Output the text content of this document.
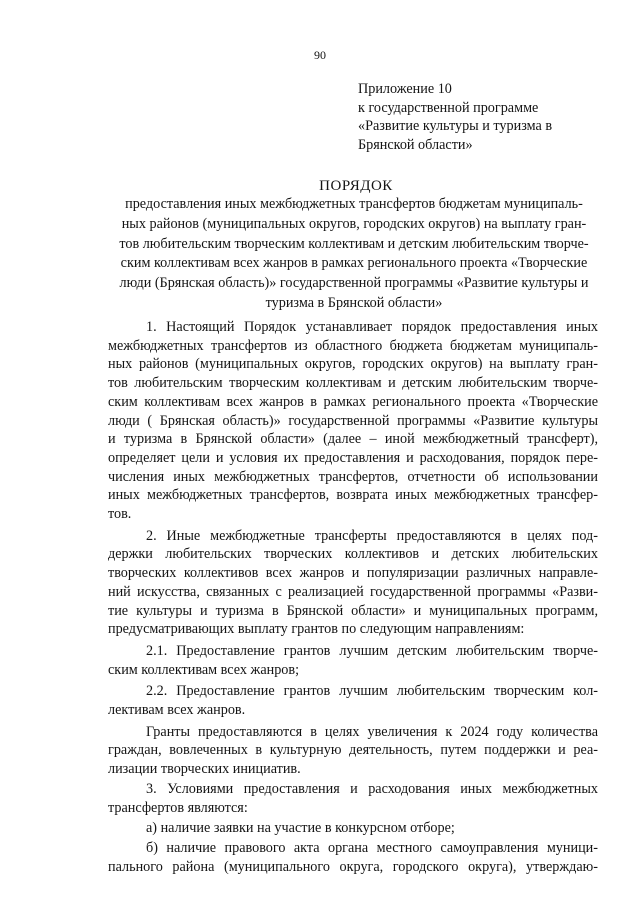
90
Приложение 10
к государственной программе
«Развитие культуры и туризма в
Брянской области»
ПОРЯДОК
предоставления иных межбюджетных трансфертов бюджетам муниципаль-
ных районов (муниципальных округов, городских округов) на выплату гран-
тов любительским творческим коллективам и детским любительским творче-
ским коллективам всех жанров в рамках регионального проекта «Творческие
люди (Брянская область)» государственной программы «Развитие культуры и
туризма в Брянской области»
1. Настоящий Порядок устанавливает порядок предоставления иных
межбюджетных трансфертов из областного бюджета бюджетам муниципаль-
ных районов (муниципальных округов, городских округов) на выплату гран-
тов любительским творческим коллективам и детским любительским творче-
ским коллективам всех жанров в рамках регионального проекта «Творческие
люди ( Брянская область)» государственной программы «Развитие культуры
и туризма в Брянской области» (далее – иной межбюджетный трансферт),
определяет цели и условия их предоставления и расходования, порядок пере-
числения иных межбюджетных трансфертов, отчетности об использовании
иных межбюджетных трансфертов, возврата иных межбюджетных трансфер-
тов.
2. Иные межбюджетные трансферты предоставляются в целях под-
держки любительских творческих коллективов и детских любительских
творческих коллективов всех жанров и популяризации различных направле-
ний искусства, связанных с реализацией государственной программы «Разви-
тие культуры и туризма в Брянской области» и муниципальных программ,
предусматривающих выплату грантов по следующим направлениям:
2.1. Предоставление грантов лучшим детским любительским творче-
ским коллективам всех жанров;
2.2. Предоставление грантов лучшим любительским творческим кол-
лективам всех жанров.
Гранты предоставляются в целях увеличения к 2024 году количества
граждан, вовлеченных в культурную деятельность, путем поддержки и реа-
лизации творческих инициатив.
3. Условиями предоставления и расходования иных межбюджетных
трансфертов являются:
а) наличие заявки на участие в конкурсном отборе;
б) наличие правового акта органа местного самоуправления муници-
пального района (муниципального округа, городского округа), утверждаю-
